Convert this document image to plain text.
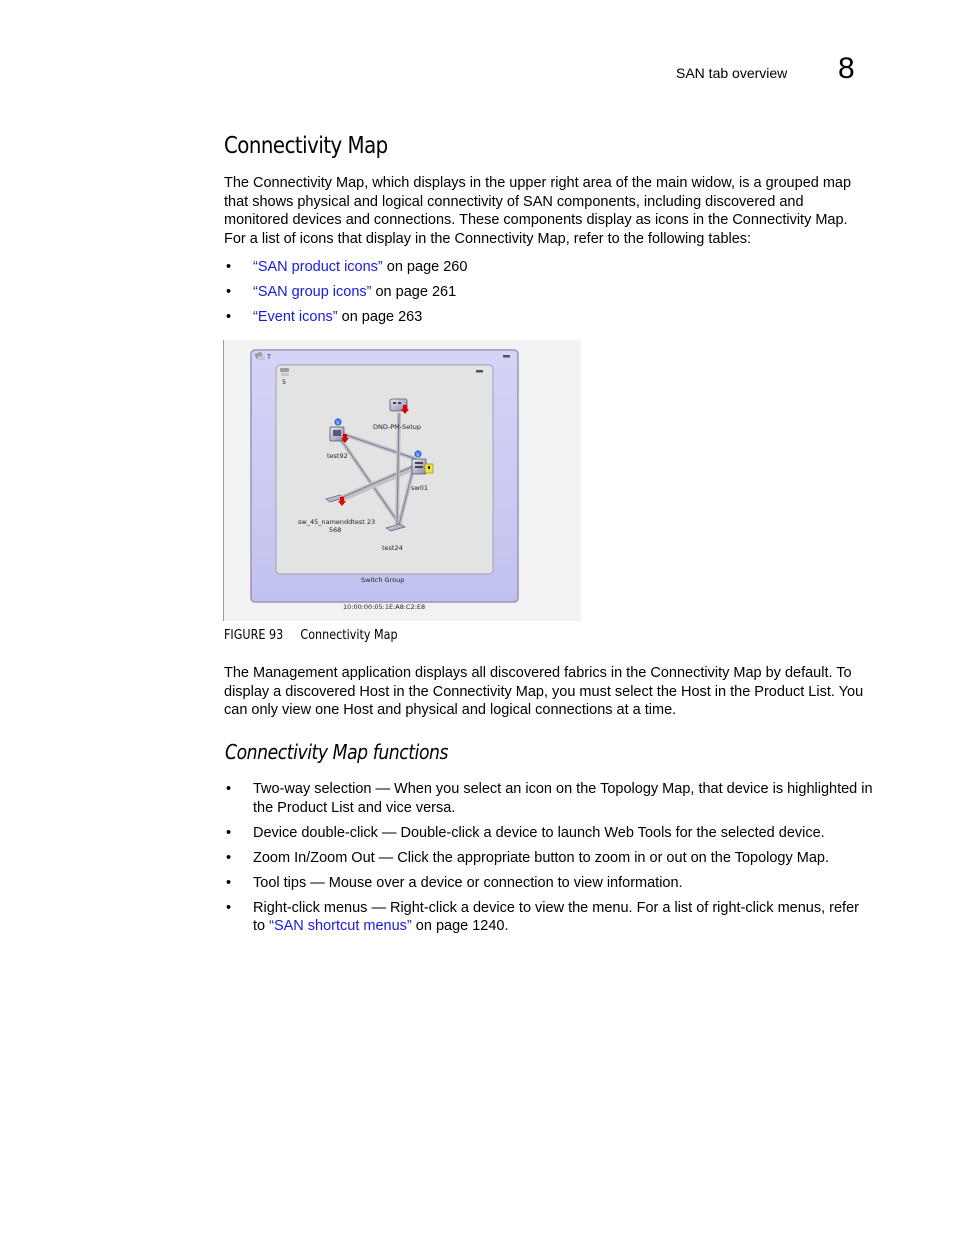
SAN tab overview 8
Connectivity Map
The Connectivity Map, which displays in the upper right area of the main widow, is a grouped map that shows physical and logical connectivity of SAN components, including discovered and monitored devices and connections. These components display as icons in the Connectivity Map. For a list of icons that display in the Connectivity Map, refer to the following tables:
• “SAN product icons” on page 260
• “SAN group icons” on page 261
• “Event icons” on page 263
T
5
DND-PM-Setup
V
test92	V
sw01
sw_45_namenddtest 23
568
test24
Switch Group
10:00:00:05:1E:A8:C2:E8
FIGURE 93 Connectivity Map
The Management application displays all discovered fabrics in the Connectivity Map by default. To display a discovered Host in the Connectivity Map, you must select the Host in the Product List. You can only view one Host and physical and logical connections at a time.
Connectivity Map functions
• Two-way selection — When you select an icon on the Topology Map, that device is highlighted in the Product List and vice versa.
• Device double-click — Double-click a device to launch Web Tools for the selected device.
• Zoom In/Zoom Out — Click the appropriate button to zoom in or out on the Topology Map.
• Tool tips — Mouse over a device or connection to view information.
• Right-click menus — Right-click a device to view the menu. For a list of right-click menus, refer to “SAN shortcut menus” on page 1240.
